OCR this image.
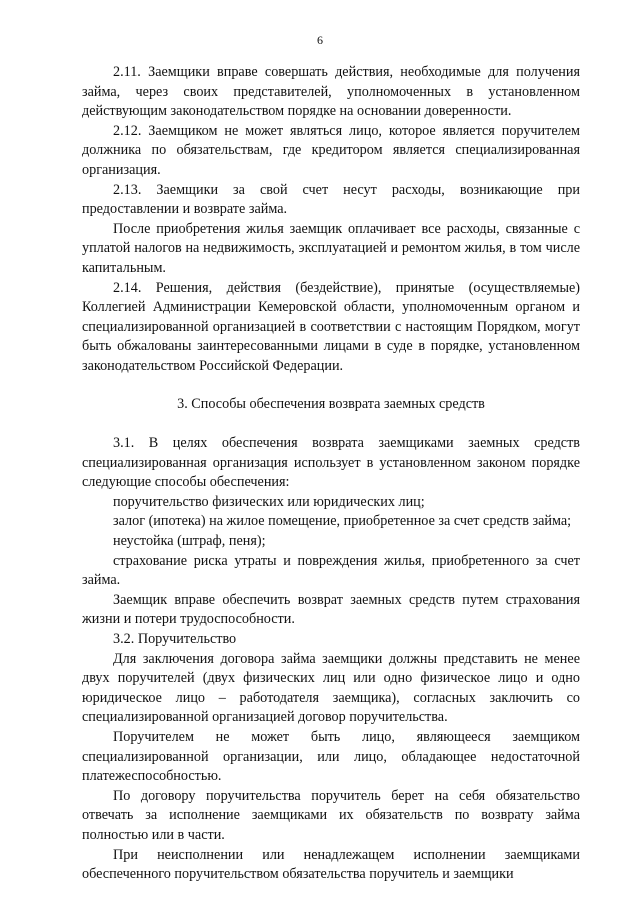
6

2.11. Заемщики вправе совершать действия, необходимые для получения займа, через своих представителей, уполномоченных в установленном действующим законодательством порядке на основании доверенности.

2.12. Заемщиком не может являться лицо, которое является поручителем должника по обязательствам, где кредитором является специализированная организация.

2.13. Заемщики за свой счет несут расходы, возникающие при предоставлении и возврате займа.

После приобретения жилья заемщик оплачивает все расходы, связанные с уплатой налогов на недвижимость, эксплуатацией и ремонтом жилья, в том числе капитальным.

2.14. Решения, действия (бездействие), принятые (осуществляемые) Коллегией Администрации Кемеровской области, уполномоченным органом и специализированной организацией в соответствии с настоящим Порядком, могут быть обжалованы заинтересованными лицами в суде в порядке, установленном законодательством Российской Федерации.

3. Способы обеспечения возврата заемных средств

3.1. В целях обеспечения возврата заемщиками заемных средств специализированная организация использует в установленном законом порядке следующие способы обеспечения:

поручительство физических или юридических лиц;

залог (ипотека) на жилое помещение, приобретенное за счет средств займа;

неустойка (штраф, пеня);

страхование риска утраты и повреждения жилья, приобретенного за счет займа.

Заемщик вправе обеспечить возврат заемных средств путем страхования жизни и потери трудоспособности.

3.2. Поручительство

Для заключения договора займа заемщики должны представить не менее двух поручителей (двух физических лиц или одно физическое лицо и одно юридическое лицо – работодателя заемщика), согласных заключить со специализированной организацией договор поручительства.

Поручителем не может быть лицо, являющееся заемщиком специализированной организации, или лицо, обладающее недостаточной платежеспособностью.

По договору поручительства поручитель берет на себя обязательство отвечать за исполнение заемщиками их обязательств по возврату займа полностью или в части.

При неисполнении или ненадлежащем исполнении заемщиками обеспеченного поручительством обязательства поручитель и заемщики
